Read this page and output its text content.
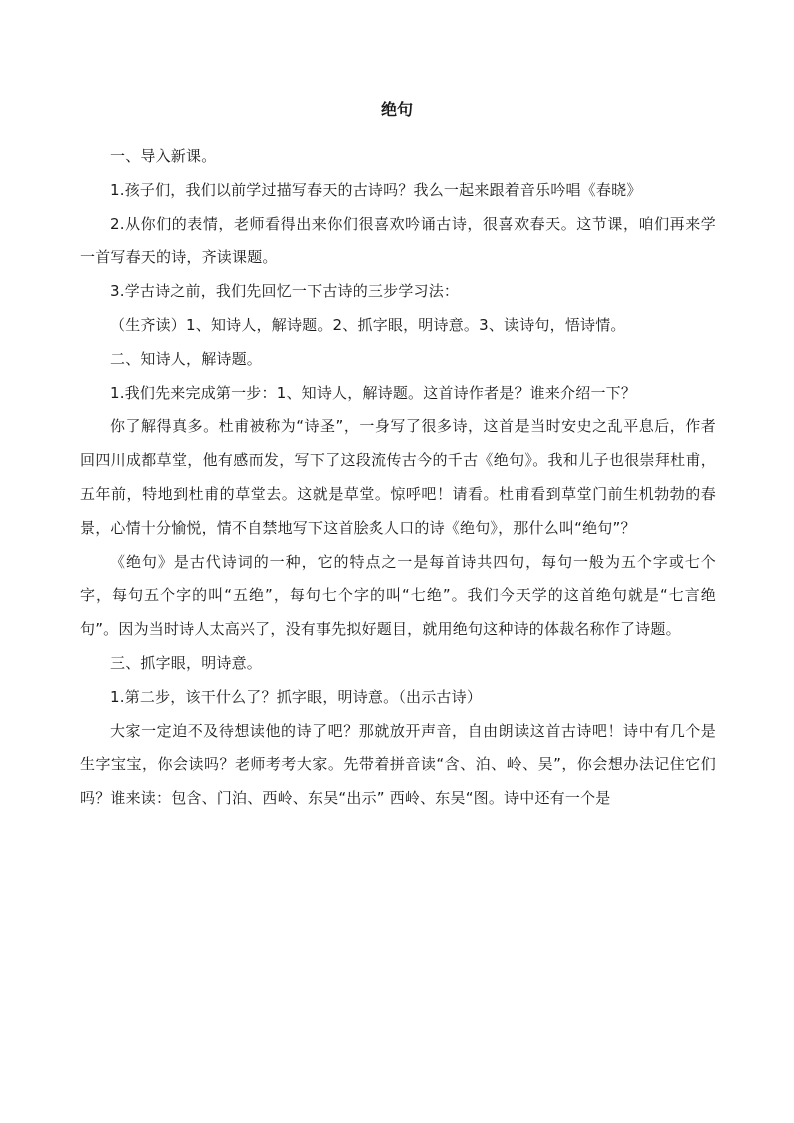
绝句

一、导入新课。

1.孩子们，我们以前学过描写春天的古诗吗？我么一起来跟着音乐吟唱《春晓》

2.从你们的表情，老师看得出来你们很喜欢吟诵古诗，很喜欢春天。这节课，咱们再来学一首写春天的诗，齐读课题。

3.学古诗之前，我们先回忆一下古诗的三步学习法：

（生齐读）1、知诗人，解诗题。2、抓字眼，明诗意。3、读诗句，悟诗情。

二、知诗人，解诗题。

1.我们先来完成第一步：1、知诗人，解诗题。这首诗作者是？谁来介绍一下？

你了解得真多。杜甫被称为“诗圣”，一身写了很多诗，这首是当时安史之乱平息后，作者回四川成都草堂，他有感而发，写下了这段流传古今的千古《绝句》。我和儿子也很崇拜杜甫，五年前，特地到杜甫的草堂去。这就是草堂。惊呼吧！请看。杜甫看到草堂门前生机勃勃的春景，心情十分愉悦，情不自禁地写下这首脍炙人口的诗《绝句》，那什么叫“绝句”？

《绝句》是古代诗词的一种，它的特点之一是每首诗共四句，每句一般为五个字或七个字，每句五个字的叫“五绝”，每句七个字的叫“七绝”。我们今天学的这首绝句就是“七言绝句”。因为当时诗人太高兴了，没有事先拟好题目，就用绝句这种诗的体裁名称作了诗题。

三、抓字眼，明诗意。

1.第二步，该干什么了？抓字眼，明诗意。（出示古诗）

大家一定迫不及待想读他的诗了吧？那就放开声音，自由朗读这首古诗吧！诗中有几个是生字宝宝，你会读吗？老师考考大家。先带着拼音读“含、泊、岭、吴”，你会想办法记住它们吗？谁来读：包含、门泊、西岭、东吴“出示” 西岭、东吴“图。诗中还有一个是
